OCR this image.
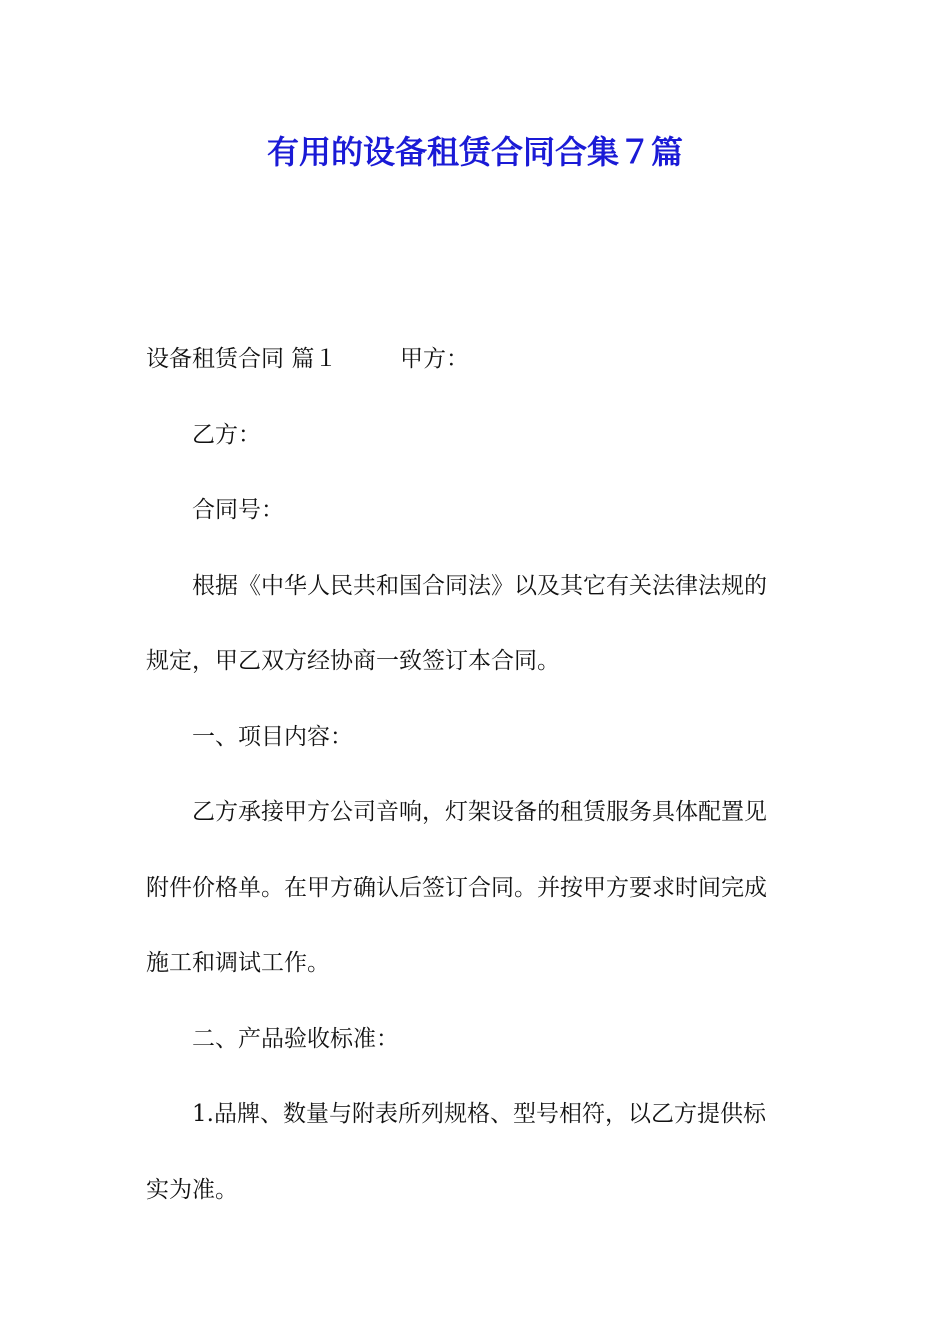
有用的设备租赁合同合集７篇
设备租赁合同 篇１	甲方：
乙方：
合同号：
根据《中华人民共和国合同法》以及其它有关法律法规的
规定，甲乙双方经协商一致签订本合同。
一、项目内容：
乙方承接甲方公司音响，灯架设备的租赁服务具体配置见
附件价格单。在甲方确认后签订合同。并按甲方要求时间完成
施工和调试工作。
二、产品验收标准：
1.品牌、数量与附表所列规格、型号相符，以乙方提供标
实为准。
